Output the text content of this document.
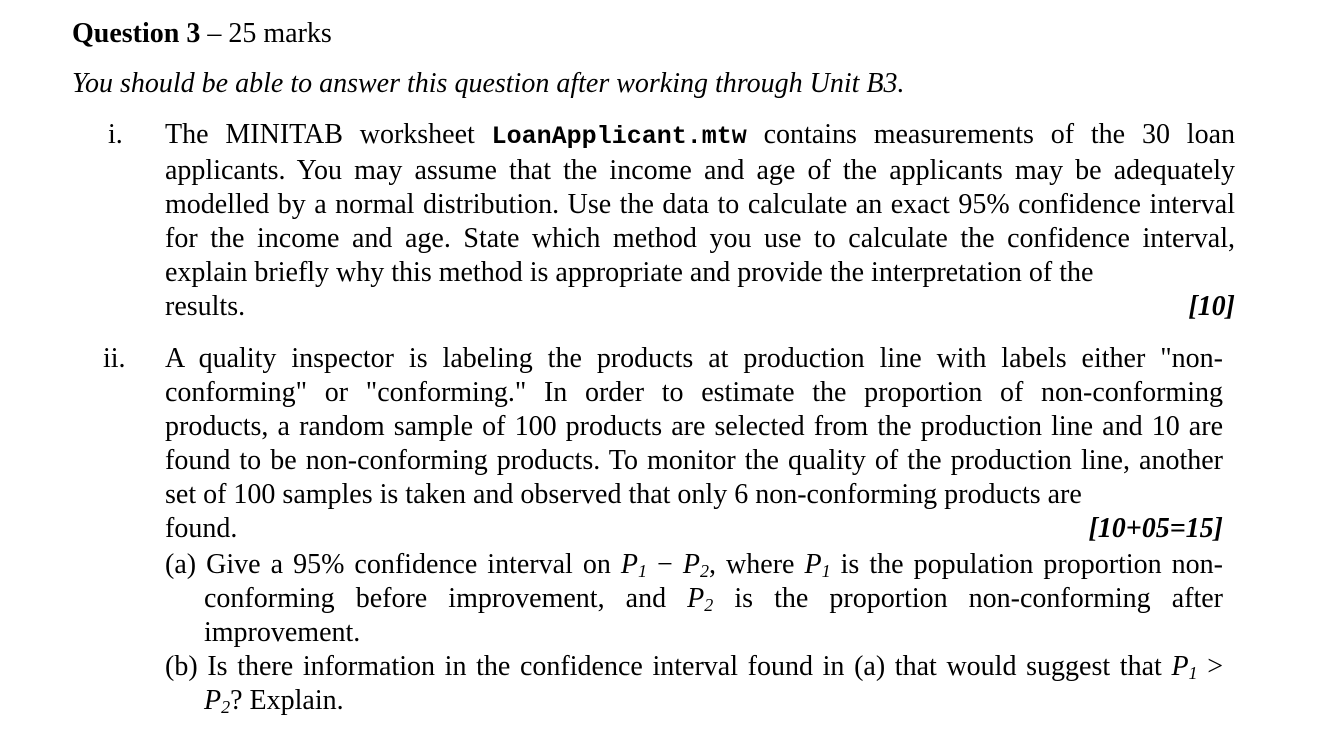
Question 3 – 25 marks
You should be able to answer this question after working through Unit B3.
i. The MINITAB worksheet LoanApplicant.mtw contains measurements of the 30 loan applicants. You may assume that the income and age of the applicants may be adequately modelled by a normal distribution. Use the data to calculate an exact 95% confidence interval for the income and age. State which method you use to calculate the confidence interval, explain briefly why this method is appropriate and provide the interpretation of the
results.	[10]
ii. A quality inspector is labeling the products at production line with labels either "non-conforming" or "conforming." In order to estimate the proportion of non-conforming products, a random sample of 100 products are selected from the production line and 10 are found to be non-conforming products. To monitor the quality of the production line, another set of 100 samples is taken and observed that only 6 non-conforming products are
found.	[10+05=15]
(a) Give a 95% confidence interval on $P_1 - P_2$, where $P_1$ is the population proportion non-conforming before improvement, and $P_2$ is the proportion non-conforming after improvement.
(b) Is there information in the confidence interval found in (a) that would suggest that $P_1 > P_2$? Explain.
